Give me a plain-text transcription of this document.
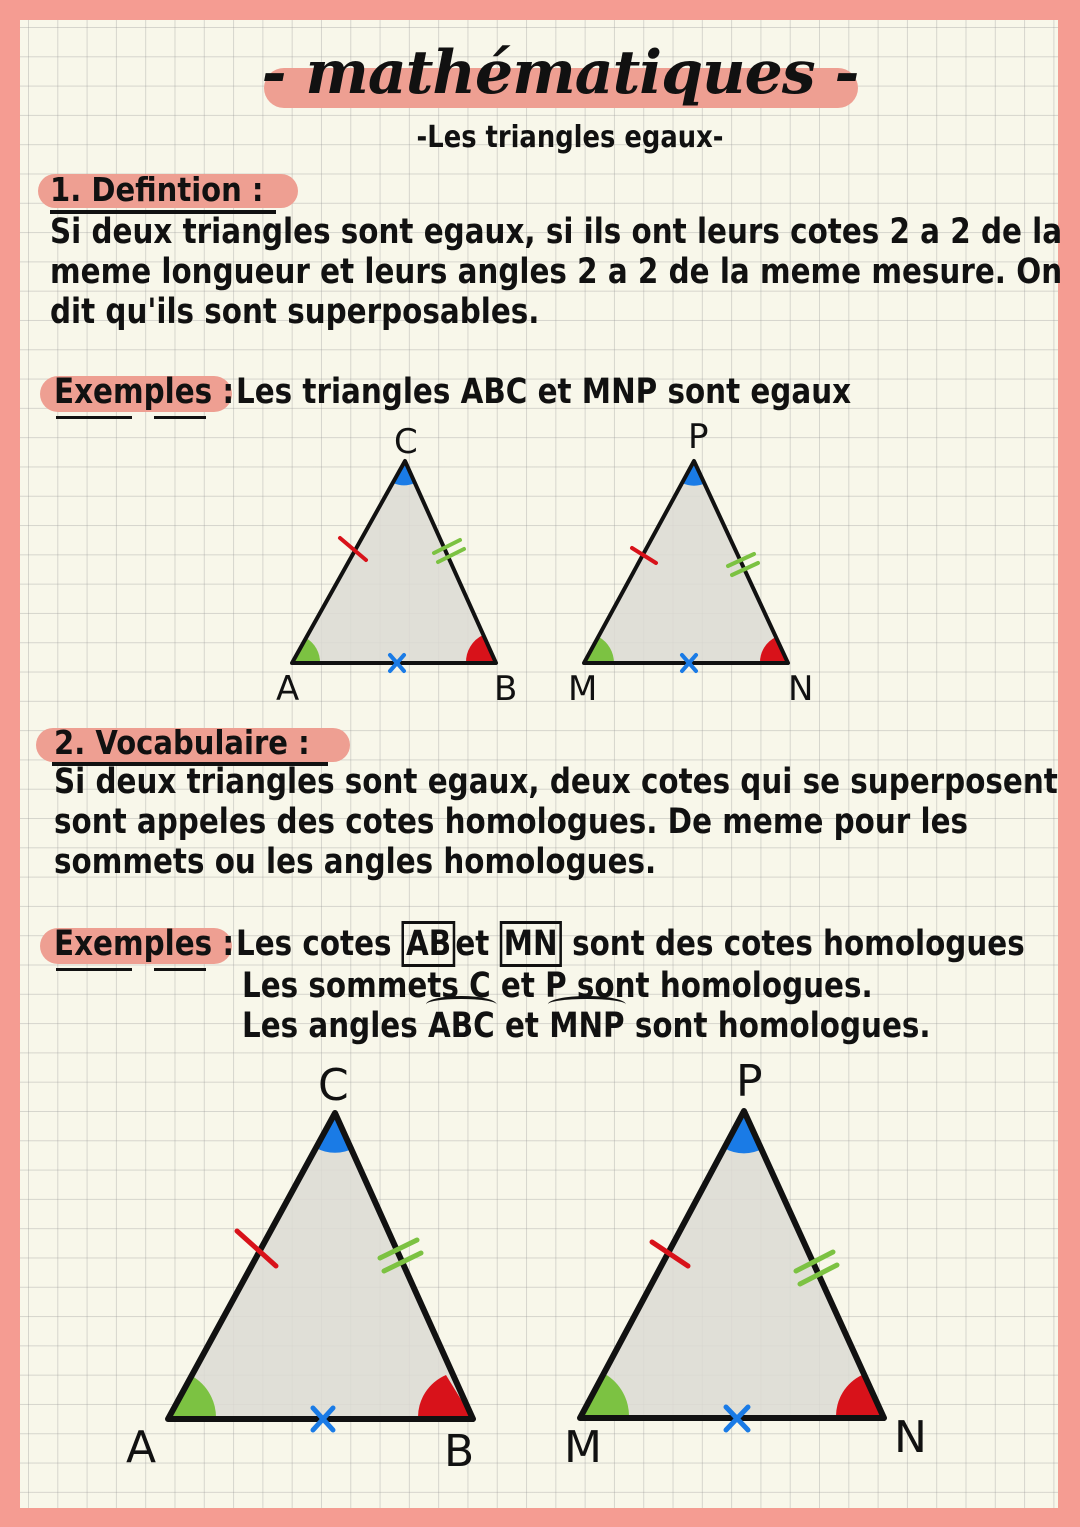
- mathématiques -
-Les triangles egaux-
1. Defintion :
Si deux triangles sont egaux, si ils ont leurs cotes 2 a 2 de la
meme longueur et leurs angles 2 a 2 de la meme mesure. On
dit qu'ils sont superposables.
Exemples : Les triangles ABC et MNP sont egaux
A	B
C
M	N
P
2. Vocabulaire :
Si deux triangles sont egaux, deux cotes qui se superposent
sont appeles des cotes homologues. De meme pour les
sommets ou les angles homologues.
Exemples : Les cotes AB et MN sont des cotes homologues
Les sommets C et P sont homologues.
Les angles ABC et MNP sont homologues.
A	B
C
M	N
P
